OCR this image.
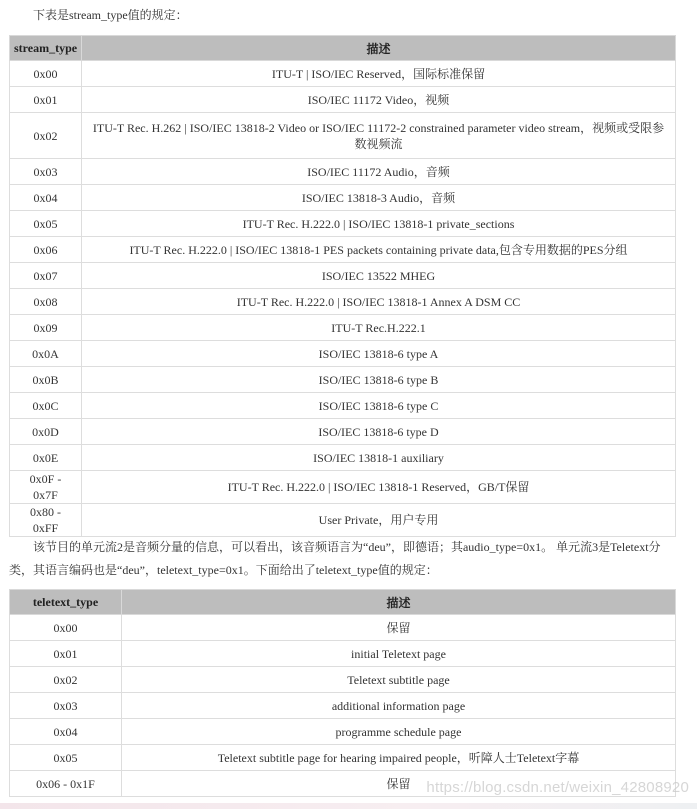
下表是stream_type值的规定：

stream_type	描述
0x00	ITU-T | ISO/IEC Reserved，国际标准保留
0x01	ISO/IEC 11172 Video，视频
0x02	ITU-T Rec. H.262 | ISO/IEC 13818-2 Video or ISO/IEC 11172-2 constrained parameter video stream，视频或受限参数视频流
0x03	ISO/IEC 11172 Audio，音频
0x04	ISO/IEC 13818-3 Audio，音频
0x05	ITU-T Rec. H.222.0 | ISO/IEC 13818-1 private_sections
0x06	ITU-T Rec. H.222.0 | ISO/IEC 13818-1 PES packets containing private data,包含专用数据的PES分组
0x07	ISO/IEC 13522 MHEG
0x08	ITU-T Rec. H.222.0 | ISO/IEC 13818-1 Annex A DSM CC
0x09	ITU-T Rec.H.222.1
0x0A	ISO/IEC 13818-6 type A
0x0B	ISO/IEC 13818-6 type B
0x0C	ISO/IEC 13818-6 type C
0x0D	ISO/IEC 13818-6 type D
0x0E	ISO/IEC 13818-1 auxiliary
0x0F - 0x7F	ITU-T Rec. H.222.0 | ISO/IEC 13818-1 Reserved，GB/T保留
0x80 - 0xFF	User Private，用户专用

该节目的单元流2是音频分量的信息，可以看出，该音频语言为“deu”，即德语；其audio_type=0x1。 单元流3是Teletext分类，其语言编码也是“deu”，teletext_type=0x1。下面给出了teletext_type值的规定：

teletext_type	描述
0x00	保留
0x01	initial Teletext page
0x02	Teletext subtitle page
0x03	additional information page
0x04	programme schedule page
0x05	Teletext subtitle page for hearing impaired people，听障人士Teletext字幕
0x06 - 0x1F	保留 https://blog.csdn.net/weixin_42808920
